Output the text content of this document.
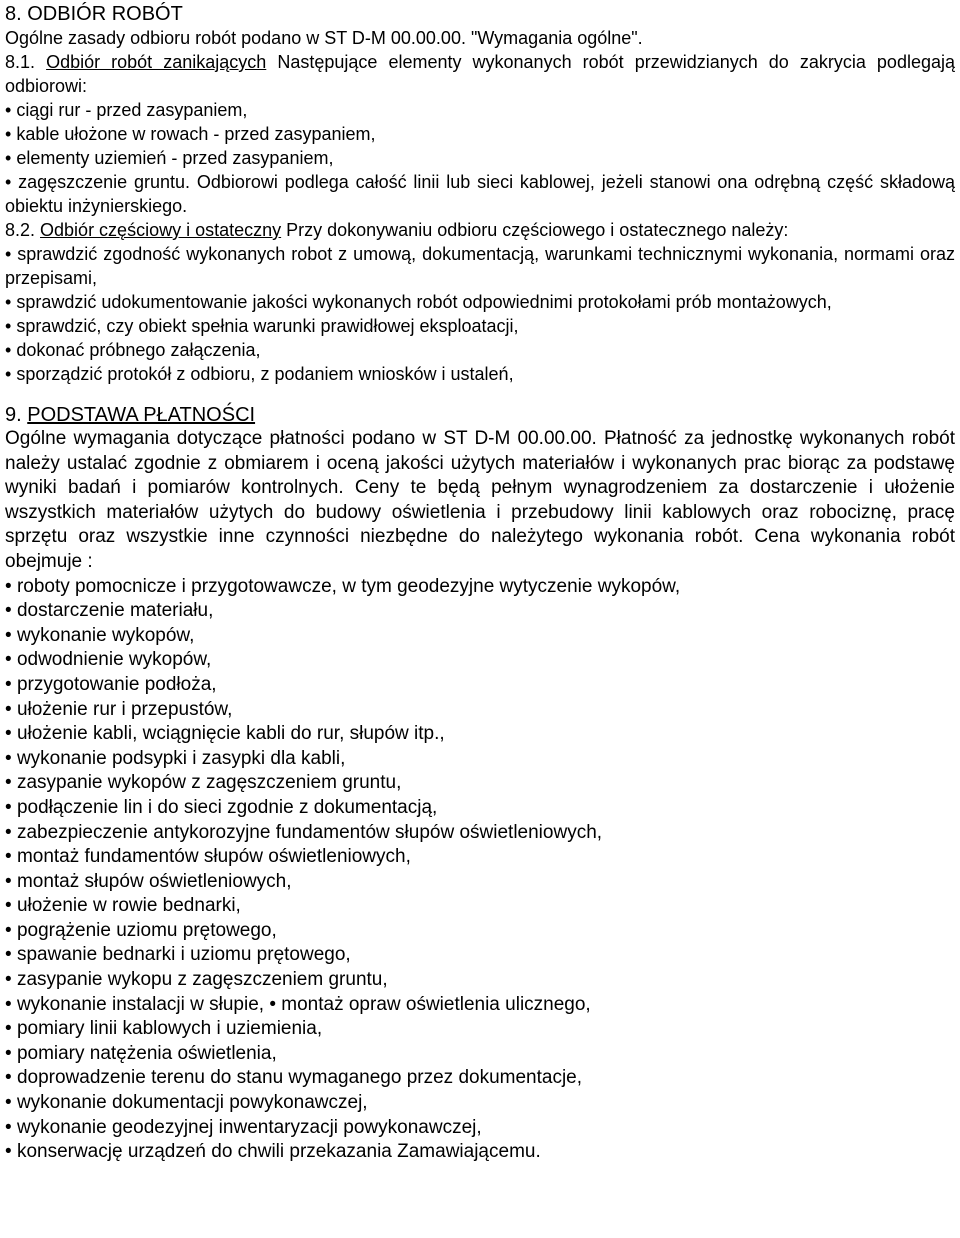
8. ODBIÓR ROBÓT

Ogólne zasady odbioru robót podano w ST D-M 00.00.00. "Wymagania ogólne".

8.1. Odbiór robót zanikających Następujące elementy wykonanych robót przewidzianych do zakrycia podlegają odbiorowi:

• ciągi rur - przed zasypaniem,
• kable ułożone w rowach - przed zasypaniem,
• elementy uziemień - przed zasypaniem,
• zagęszczenie gruntu. Odbiorowi podlega całość linii lub sieci kablowej, jeżeli stanowi ona odrębną część składową obiektu inżynierskiego.

8.2. Odbiór częściowy i ostateczny Przy dokonywaniu odbioru częściowego i ostatecznego należy:

• sprawdzić zgodność wykonanych robot z umową, dokumentacją, warunkami technicznymi wykonania, normami oraz przepisami,
• sprawdzić udokumentowanie jakości wykonanych robót odpowiednimi protokołami prób montażowych,
• sprawdzić, czy obiekt spełnia warunki prawidłowej eksploatacji,
• dokonać próbnego załączenia,
• sporządzić protokół z odbioru, z podaniem wniosków i ustaleń,
9. PODSTAWA PŁATNOŚCI

Ogólne wymagania dotyczące płatności podano w ST D-M 00.00.00. Płatność za jednostkę wykonanych robót należy ustalać zgodnie z obmiarem i oceną jakości użytych materiałów i wykonanych prac biorąc za podstawę wyniki badań i pomiarów kontrolnych. Ceny te będą pełnym wynagrodzeniem za dostarczenie i ułożenie wszystkich materiałów użytych do budowy oświetlenia i przebudowy linii kablowych oraz robociznę, pracę sprzętu oraz wszystkie inne czynności niezbędne do należytego wykonania robót. Cena wykonania robót obejmuje :

• roboty pomocnicze i przygotowawcze, w tym geodezyjne wytyczenie wykopów,
• dostarczenie materiału,
• wykonanie wykopów,
• odwodnienie wykopów,
• przygotowanie podłoża,
• ułożenie rur i przepustów,
• ułożenie kabli, wciągnięcie kabli do rur, słupów itp.,
• wykonanie podsypki i zasypki dla kabli,
• zasypanie wykopów z zagęszczeniem gruntu,
• podłączenie lin i do sieci zgodnie z dokumentacją,
• zabezpieczenie antykorozyjne fundamentów słupów oświetleniowych,
• montaż fundamentów słupów oświetleniowych,
• montaż słupów oświetleniowych,
• ułożenie w rowie bednarki,
• pogrążenie uziomu prętowego,
• spawanie bednarki i uziomu prętowego,
• zasypanie wykopu z zagęszczeniem gruntu,
• wykonanie instalacji w słupie, • montaż opraw oświetlenia ulicznego,
• pomiary linii kablowych i uziemienia,
• pomiary natężenia oświetlenia,
• doprowadzenie terenu do stanu wymaganego przez dokumentacje,
• wykonanie dokumentacji powykonawczej,
• wykonanie geodezyjnej inwentaryzacji powykonawczej,
• konserwację urządzeń do chwili przekazania Zamawiającemu.
